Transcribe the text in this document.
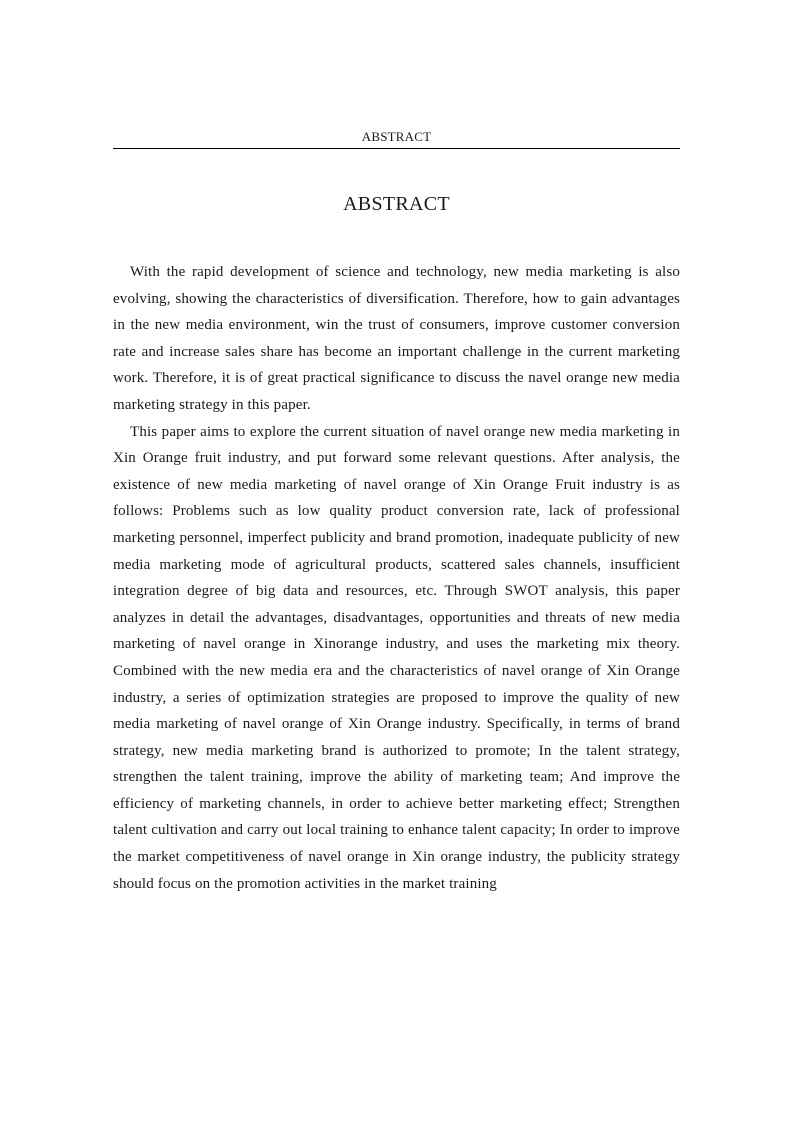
ABSTRACT
ABSTRACT

With the rapid development of science and technology, new media marketing is also evolving, showing the characteristics of diversification. Therefore, how to gain advantages in the new media environment, win the trust of consumers, improve customer conversion rate and increase sales share has become an important challenge in the current marketing work. Therefore, it is of great practical significance to discuss the navel orange new media marketing strategy in this paper.

This paper aims to explore the current situation of navel orange new media marketing in Xin Orange fruit industry, and put forward some relevant questions. After analysis, the existence of new media marketing of navel orange of Xin Orange Fruit industry is as follows: Problems such as low quality product conversion rate, lack of professional marketing personnel, imperfect publicity and brand promotion, inadequate publicity of new media marketing mode of agricultural products, scattered sales channels, insufficient integration degree of big data and resources, etc. Through SWOT analysis, this paper analyzes in detail the advantages, disadvantages, opportunities and threats of new media marketing of navel orange in Xinorange industry, and uses the marketing mix theory. Combined with the new media era and the characteristics of navel orange of Xin Orange industry, a series of optimization strategies are proposed to improve the quality of new media marketing of navel orange of Xin Orange industry. Specifically, in terms of brand strategy, new media marketing brand is authorized to promote; In the talent strategy, strengthen the talent training, improve the ability of marketing team; And improve the efficiency of marketing channels, in order to achieve better marketing effect; Strengthen talent cultivation and carry out local training to enhance talent capacity; In order to improve the market competitiveness of navel orange in Xin orange industry, the publicity strategy should focus on the promotion activities in the market training
